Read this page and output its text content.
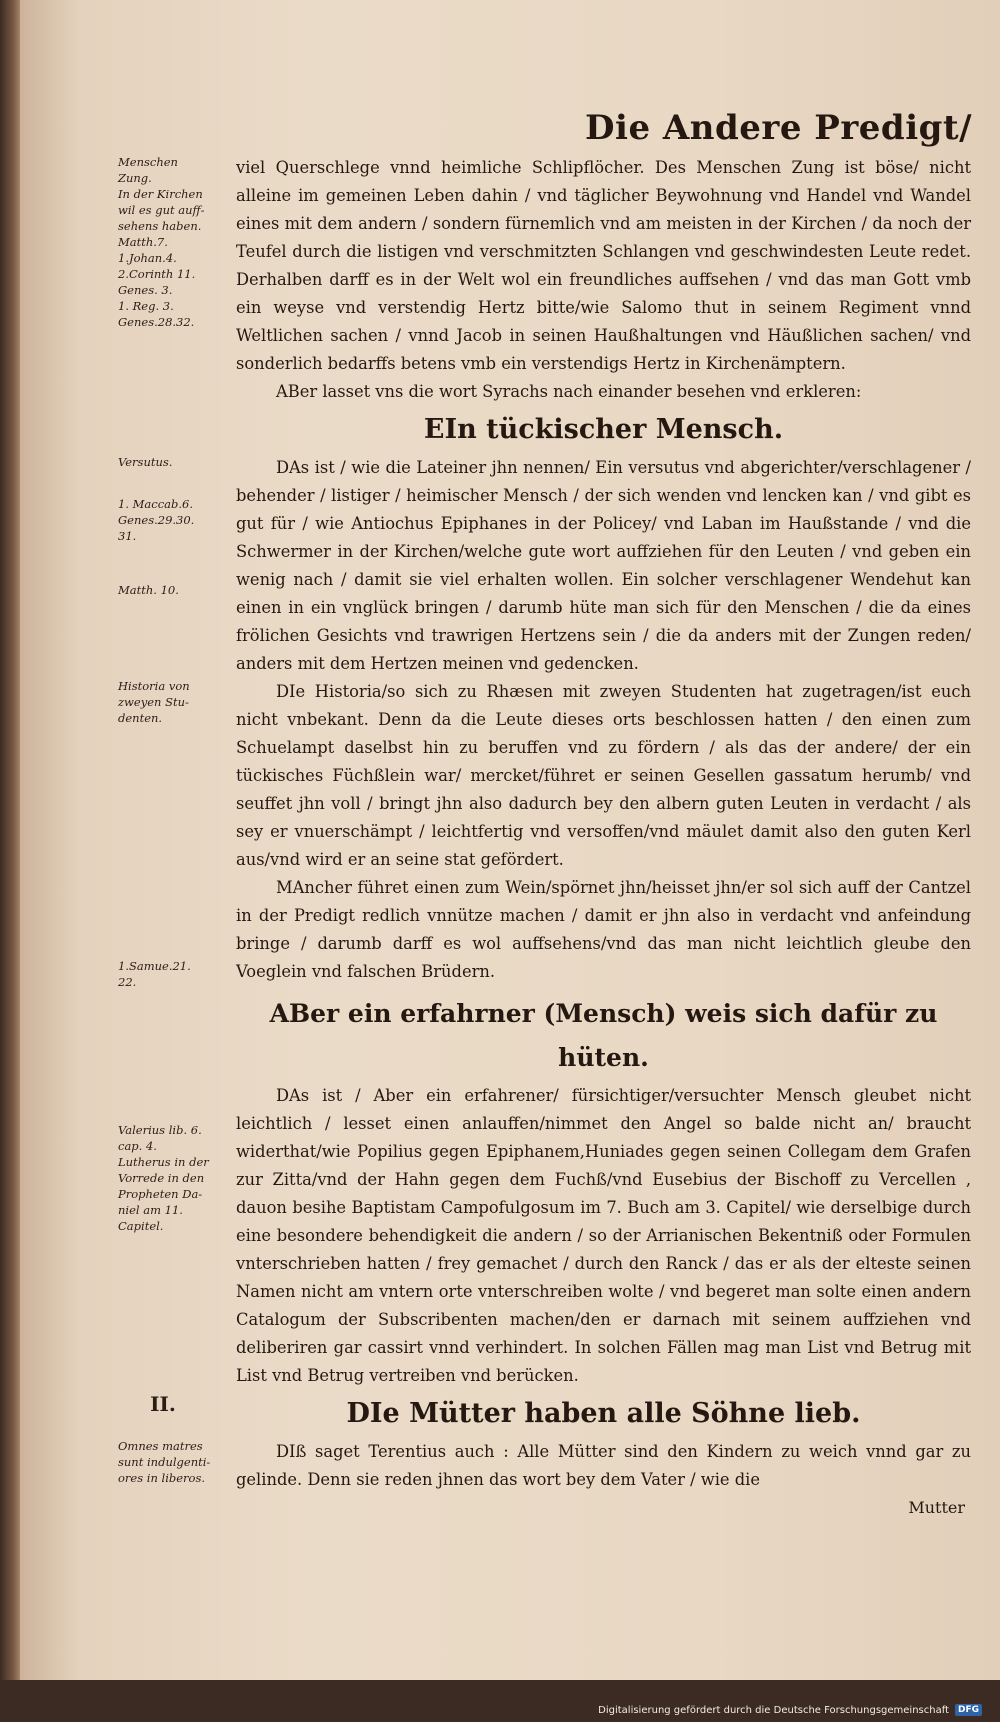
Die Andere Predigt/
Menschen
Zung.
In der Kirchen
wil es gut auff-
sehens haben.
Matth.7.
1.Johan.4.
2.Corinth 11.
Genes. 3.
1. Reg. 3.
Genes.28.32.

viel Querschlege vnnd heimliche Schlipflöcher. Des Menschen Zung ist böse/ nicht alleine im gemeinen Leben dahin / vnd täglicher Beywohnung vnd Handel vnd Wandel eines mit dem andern / sondern fürnemlich vnd am meisten in der Kirchen / da noch der Teufel durch die listigen vnd verschmitzten Schlangen vnd geschwindesten Leute redet. Derhalben darff es in der Welt wol ein freundliches auffsehen / vnd das man Gott vmb ein weyse vnd verstendig Hertz bitte/wie Salomo thut in seinem Regiment vnnd Weltlichen sachen / vnnd Jacob in seinen Haußhaltungen vnd Häußlichen sachen/ vnd sonderlich bedarffs betens vmb ein verstendigs Hertz in Kirchenämptern.

ABer lasset vns die wort Syrachs nach einander besehen vnd erkleren:

EIn tückischer Mensch.
Versutus.
1. Maccab.6.
Genes.29.30.
31.
Matth. 10.

DAs ist / wie die Lateiner jhn nennen/ Ein versutus vnd abgerichter/verschlagener / behender / listiger / heimischer Mensch / der sich wenden vnd lencken kan / vnd gibt es gut für / wie Antiochus Epiphanes in der Policey/ vnd Laban im Haußstande / vnd die Schwermer in der Kirchen/welche gute wort auffziehen für den Leuten / vnd geben ein wenig nach / damit sie viel erhalten wollen. Ein solcher verschlagener Wendehut kan einen in ein vnglück bringen / darumb hüte man sich für den Menschen / die da eines frölichen Gesichts vnd trawrigen Hertzens sein / die da anders mit der Zungen reden/ anders mit dem Hertzen meinen vnd gedencken.

Historia von
zweyen Stu-
denten.

DIe Historia/so sich zu Rhæsen mit zweyen Studenten hat zugetragen/ist euch nicht vnbekant. Denn da die Leute dieses orts beschlossen hatten / den einen zum Schuelampt daselbst hin zu beruffen vnd zu fördern / als das der andere/ der ein tückisches Füchßlein war/ mercket/führet er seinen Gesellen gassatum herumb/ vnd seuffet jhn voll / bringt jhn also dadurch bey den albern guten Leuten in verdacht / als sey er vnuerschämpt / leichtfertig vnd versoffen/vnd mäulet damit also den guten Kerl aus/vnd wird er an seine stat gefördert.

1.Samue.21.
22.

MAncher führet einen zum Wein/spörnet jhn/heisset jhn/er sol sich auff der Cantzel in der Predigt redlich vnnütze machen / damit er jhn also in verdacht vnd anfeindung bringe / darumb darff es wol auffsehens/vnd das man nicht leichtlich gleube den Voeglein vnd falschen Brüdern.

ABer ein erfahrner (Mensch) weis sich dafür zu hüten.
Valerius lib. 6.
cap. 4.
Lutherus in der
Vorrede in den
Propheten Da-
niel am 11.
Capitel.

DAs ist / Aber ein erfahrener/ fürsichtiger/versuchter Mensch gleubet nicht leichtlich / lesset einen anlauffen/nimmet den Angel so balde nicht an/ braucht widerthat/wie Popilius gegen Epiphanem,Huniades gegen seinen Collegam dem Grafen zur Zitta/vnd der Hahn gegen dem Fuchß/vnd Eusebius der Bischoff zu Vercellen , dauon besihe Baptistam Campofulgosum im 7. Buch am 3. Capitel/ wie derselbige durch eine besondere behendigkeit die andern / so der Arrianischen Bekentniß oder Formulen vnterschrieben hatten / frey gemachet / durch den Ranck / das er als der elteste seinen Namen nicht am vntern orte vnterschreiben wolte / vnd begeret man solte einen andern Catalogum der Subscribenten machen/den er darnach mit seinem auffziehen vnd deliberiren gar cassirt vnnd verhindert. In solchen Fällen mag man List vnd Betrug mit List vnd Betrug vertreiben vnd berücken.

II.	DIe Mütter haben alle Söhne lieb.
Omnes matres
sunt indulgenti-
ores in liberos.

DIß saget Terentius auch : Alle Mütter sind den Kindern zu weich vnnd gar zu gelinde. Denn sie reden jhnen das wort bey dem Vater / wie die

Mutter
Digitalisierung gefördert durch die Deutsche Forschungsgemeinschaft	DFG
